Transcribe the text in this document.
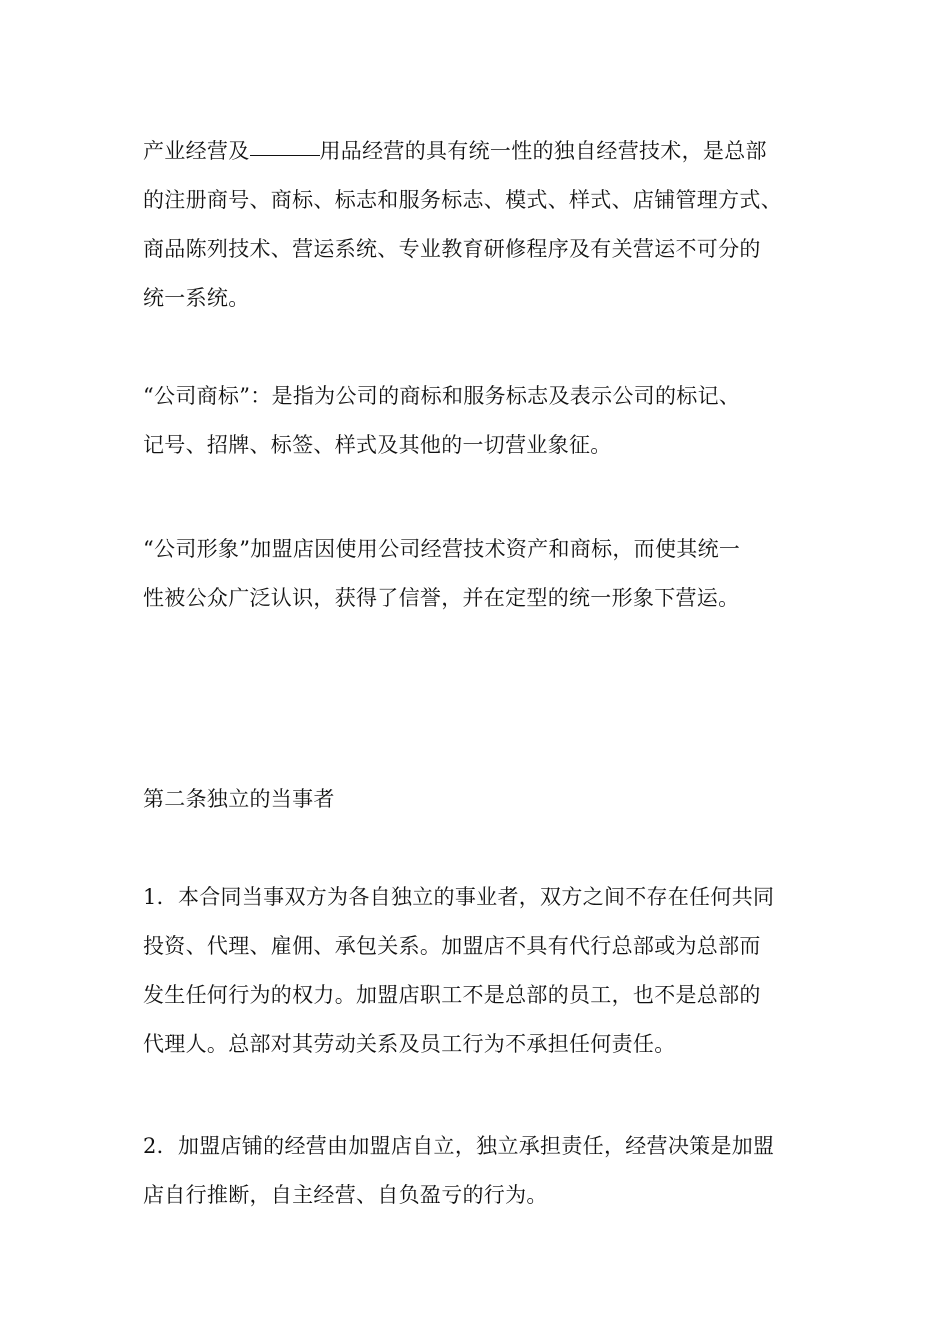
产业经营及	用品经营的具有统一性的独自经营技术，是总部
的注册商号、商标、标志和服务标志、模式、样式、店铺管理方式、
商品陈列技术、营运系统、专业教育研修程序及有关营运不可分的
统一系统。
“公司商标”：是指为公司的商标和服务标志及表示公司的标记、
记号、招牌、标签、样式及其他的一切营业象征。
“公司形象”加盟店因使用公司经营技术资产和商标，而使其统一
性被公众广泛认识，获得了信誉，并在定型的统一形象下营运。
第二条独立的当事者
1．本合同当事双方为各自独立的事业者，双方之间不存在任何共同
投资、代理、雇佣、承包关系。加盟店不具有代行总部或为总部而
发生任何行为的权力。加盟店职工不是总部的员工，也不是总部的
代理人。总部对其劳动关系及员工行为不承担任何责任。
2．加盟店铺的经营由加盟店自立，独立承担责任，经营决策是加盟
店自行推断，自主经营、自负盈亏的行为。
